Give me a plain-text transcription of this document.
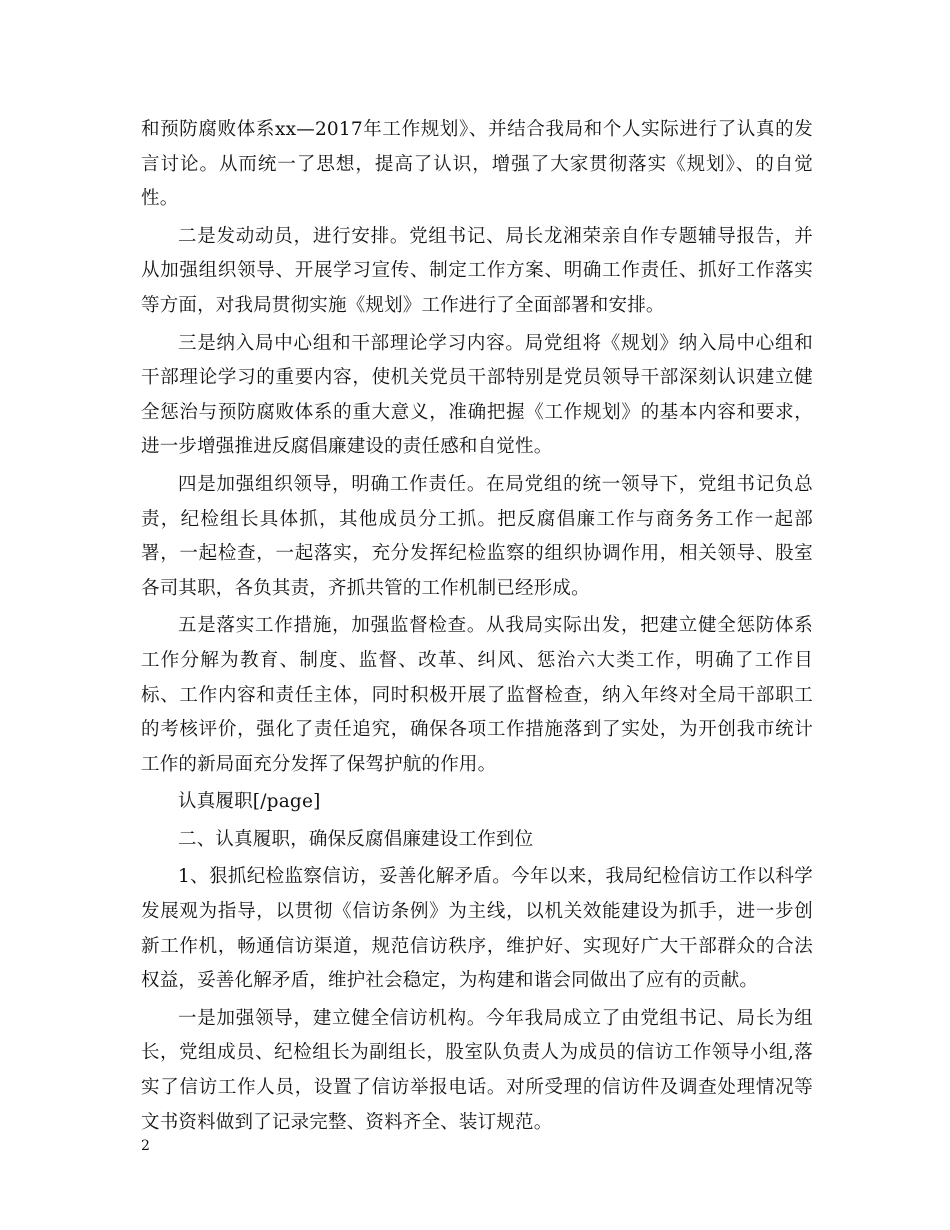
和预防腐败体系xx—2017年工作规划》、并结合我局和个人实际进行了认真的发言讨论。从而统一了思想，提高了认识，增强了大家贯彻落实《规划》、的自觉性。

二是发动动员，进行安排。党组书记、局长龙湘荣亲自作专题辅导报告，并从加强组织领导、开展学习宣传、制定工作方案、明确工作责任、抓好工作落实等方面，对我局贯彻实施《规划》工作进行了全面部署和安排。

三是纳入局中心组和干部理论学习内容。局党组将《规划》纳入局中心组和干部理论学习的重要内容，使机关党员干部特别是党员领导干部深刻认识建立健全惩治与预防腐败体系的重大意义，准确把握《工作规划》的基本内容和要求，进一步增强推进反腐倡廉建设的责任感和自觉性。

四是加强组织领导，明确工作责任。在局党组的统一领导下，党组书记负总责，纪检组长具体抓，其他成员分工抓。把反腐倡廉工作与商务务工作一起部署，一起检查，一起落实，充分发挥纪检监察的组织协调作用，相关领导、股室各司其职，各负其责，齐抓共管的工作机制已经形成。

五是落实工作措施，加强监督检查。从我局实际出发，把建立健全惩防体系工作分解为教育、制度、监督、改革、纠风、惩治六大类工作，明确了工作目标、工作内容和责任主体，同时积极开展了监督检查，纳入年终对全局干部职工的考核评价，强化了责任追究，确保各项工作措施落到了实处，为开创我市统计工作的新局面充分发挥了保驾护航的作用。

认真履职[/page]

二、认真履职，确保反腐倡廉建设工作到位

1、狠抓纪检监察信访，妥善化解矛盾。今年以来，我局纪检信访工作以科学发展观为指导，以贯彻《信访条例》为主线，以机关效能建设为抓手，进一步创新工作机，畅通信访渠道，规范信访秩序，维护好、实现好广大干部群众的合法权益，妥善化解矛盾，维护社会稳定，为构建和谐会同做出了应有的贡献。

一是加强领导，建立健全信访机构。今年我局成立了由党组书记、局长为组长，党组成员、纪检组长为副组长，股室队负责人为成员的信访工作领导小组,落实了信访工作人员，设置了信访举报电话。对所受理的信访件及调查处理情况等文书资料做到了记录完整、资料齐全、装订规范。

2
